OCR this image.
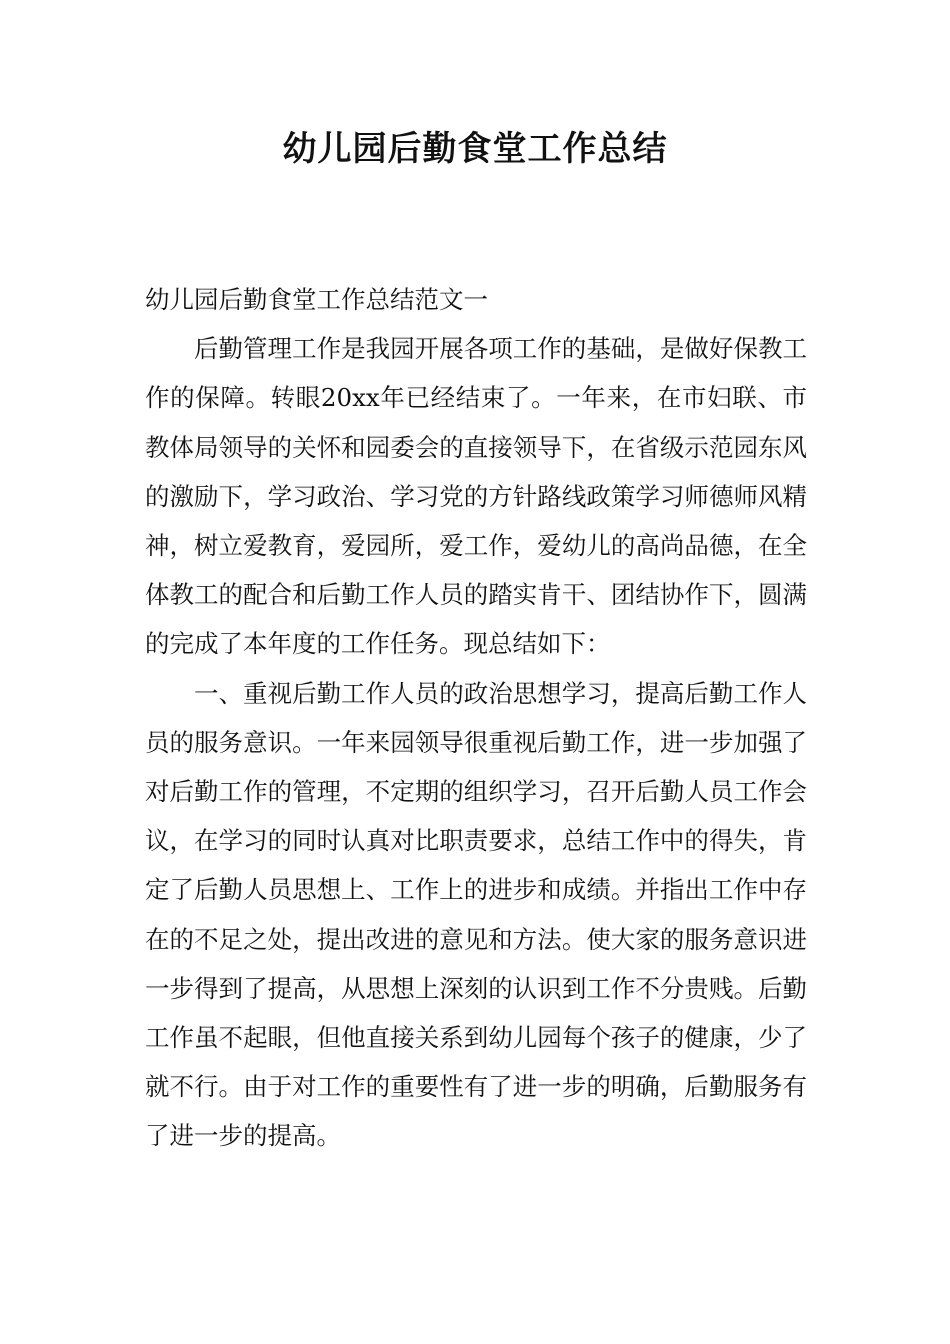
幼儿园后勤食堂工作总结

幼儿园后勤食堂工作总结范文一

后勤管理工作是我园开展各项工作的基础，是做好保教工作的保障。转眼20xx年已经结束了。一年来，在市妇联、市教体局领导的关怀和园委会的直接领导下，在省级示范园东风的激励下，学习政治、学习党的方针路线政策学习师德师风精神，树立爱教育，爱园所，爱工作，爱幼儿的高尚品德，在全体教工的配合和后勤工作人员的踏实肯干、团结协作下，圆满的完成了本年度的工作任务。现总结如下：

一、重视后勤工作人员的政治思想学习，提高后勤工作人员的服务意识。一年来园领导很重视后勤工作，进一步加强了对后勤工作的管理，不定期的组织学习，召开后勤人员工作会议，在学习的同时认真对比职责要求，总结工作中的得失，肯定了后勤人员思想上、工作上的进步和成绩。并指出工作中存在的不足之处，提出改进的意见和方法。使大家的服务意识进一步得到了提高，从思想上深刻的认识到工作不分贵贱。后勤工作虽不起眼，但他直接关系到幼儿园每个孩子的健康，少了就不行。由于对工作的重要性有了进一步的明确，后勤服务有了进一步的提高。
